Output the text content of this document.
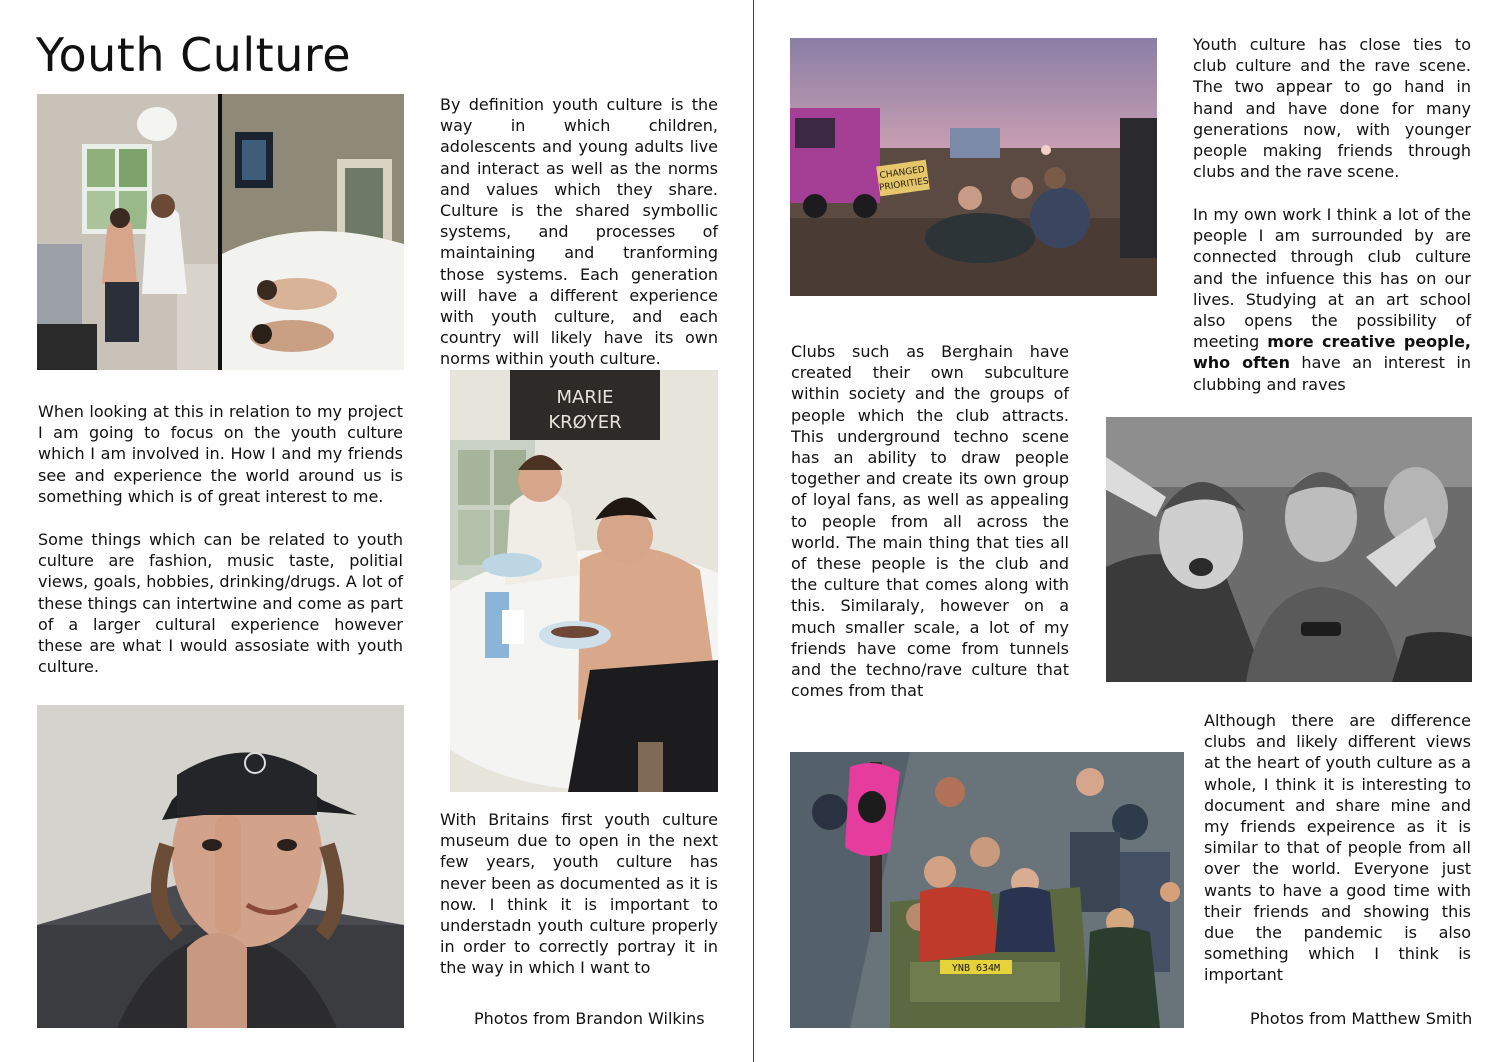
Youth Culture

By definition youth culture is the way in which children, adolescents and young adults live and interact as well as the norms and values which they share. Culture is the shared symbollic systems, and processes of maintaining and tranforming those systems. Each generation will have a different experience with youth culture, and each country will likely have its own norms within youth culture.

When looking at this in relation to my project I am going to focus on the youth culture which I am involved in. How I and my friends see and experience the world around us is something which is of great interest to me.

Some things which can be related to youth culture are fashion, music taste, politial views, goals, hobbies, drinking/drugs. A lot of these things can intertwine and come as part of a larger cultural experience however these are what I would assosiate with youth culture.

MARIE
KRØYER

With Britains first youth culture museum due to open in the next few years, youth culture has never been as documented as it is now. I think it is important to understadn youth culture properly in order to correctly portray it in the way in which I want to

Photos from Brandon Wilkins

CHANGED
PRIORITIES

Youth culture has close ties to club culture and the rave scene. The two appear to go hand in hand and have done for many generations now, with younger people making friends through clubs and the rave scene.

In my own work I think a lot of the people I am surrounded by are connected through club culture and the infuence this has on our lives. Studying at an art school also opens the possibility of meeting more creative people, who often have an interest in clubbing and raves

Clubs such as Berghain have created their own subculture within society and the groups of people which the club attracts. This underground techno scene has an ability to draw people together and create its own group of loyal fans, as well as appealing to people from all across the world. The main thing that ties all of these people is the club and the culture that comes along with this. Similaraly, however on a much smaller scale, a lot of my friends have come from tunnels and the techno/rave culture that comes from that

Although there are difference clubs and likely different views at the heart of youth culture as a whole, I think it is interesting to document and share mine and my friends expeirence as it is similar to that of people from all over the world. Everyone just wants to have a good time with their friends and showing this due the pandemic is also something which I think is important

YNB 634M

Photos from Matthew Smith
